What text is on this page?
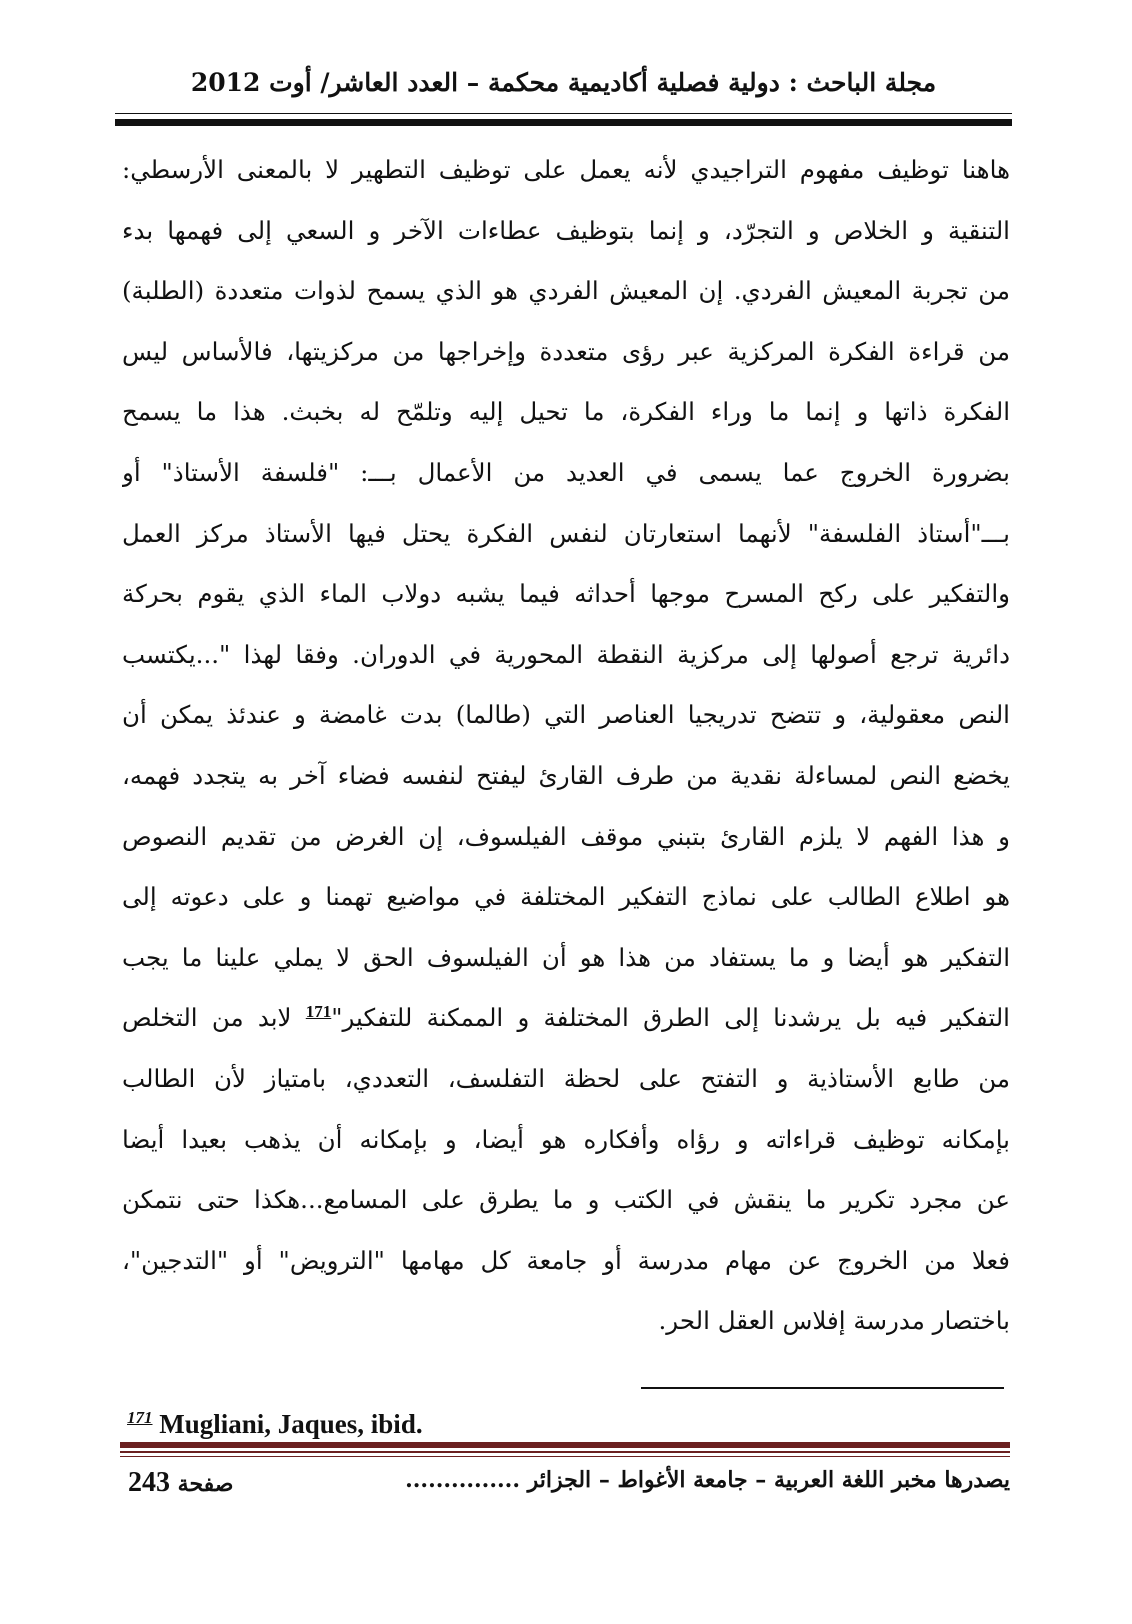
مجلة الباحث : دولية فصلية أكاديمية محكمة – العدد العاشر/ أوت 2012
هاهنا توظيف مفهوم التراجيدي لأنه يعمل على توظيف التطهير لا بالمعنى الأرسطي:
التنقية و الخلاص و التجرّد، و إنما بتوظيف عطاءات الآخر و السعي إلى فهمها بدء
من تجربة المعيش الفردي. إن المعيش الفردي هو الذي يسمح لذوات متعددة (الطلبة)
من قراءة الفكرة المركزية عبر رؤى متعددة وإخراجها من مركزيتها، فالأساس ليس
الفكرة ذاتها و إنما ما وراء الفكرة، ما تحيل إليه وتلمّح له بخبث. هذا ما يسمح
بضرورة الخروج عما يسمى في العديد من الأعمال بـــ: "فلسفة الأستاذ" أو
بـــ"أستاذ الفلسفة" لأنهما استعارتان لنفس الفكرة يحتل فيها الأستاذ مركز العمل
والتفكير على ركح المسرح موجها أحداثه فيما يشبه دولاب الماء الذي يقوم بحركة
دائرية ترجع أصولها إلى مركزية النقطة المحورية في الدوران. وفقا لهذا "...يكتسب
النص معقولية، و تتضح تدريجيا العناصر التي (طالما) بدت غامضة و عندئذ يمكن أن
يخضع النص لمساءلة نقدية من طرف القارئ ليفتح لنفسه فضاء آخر به يتجدد فهمه،
و هذا الفهم لا يلزم القارئ بتبني موقف الفيلسوف، إن الغرض من تقديم النصوص
هو اطلاع الطالب على نماذج التفكير المختلفة في مواضيع تهمنا و على دعوته إلى
التفكير هو أيضا و ما يستفاد من هذا هو أن الفيلسوف الحق لا يملي علينا ما يجب
التفكير فيه بل يرشدنا إلى الطرق المختلفة و الممكنة للتفكير"$^{171}$ لابد من التخلص
من طابع الأستاذية و التفتح على لحظة التفلسف، التعددي، بامتياز لأن الطالب
بإمكانه توظيف قراءاته و رؤاه وأفكاره هو أيضا، و بإمكانه أن يذهب بعيدا أيضا
عن مجرد تكرير ما ينقش في الكتب و ما يطرق على المسامع...هكذا حتى نتمكن
فعلا من الخروج عن مهام مدرسة أو جامعة كل مهامها "الترويض" أو "التدجين"،
باختصار مدرسة إفلاس العقل الحر.
$^{171}$ Mugliani, Jaques, ibid.
يصدرها مخبر اللغة العربية – جامعة الأغواط – الجزائر ...............
صفحة 243
